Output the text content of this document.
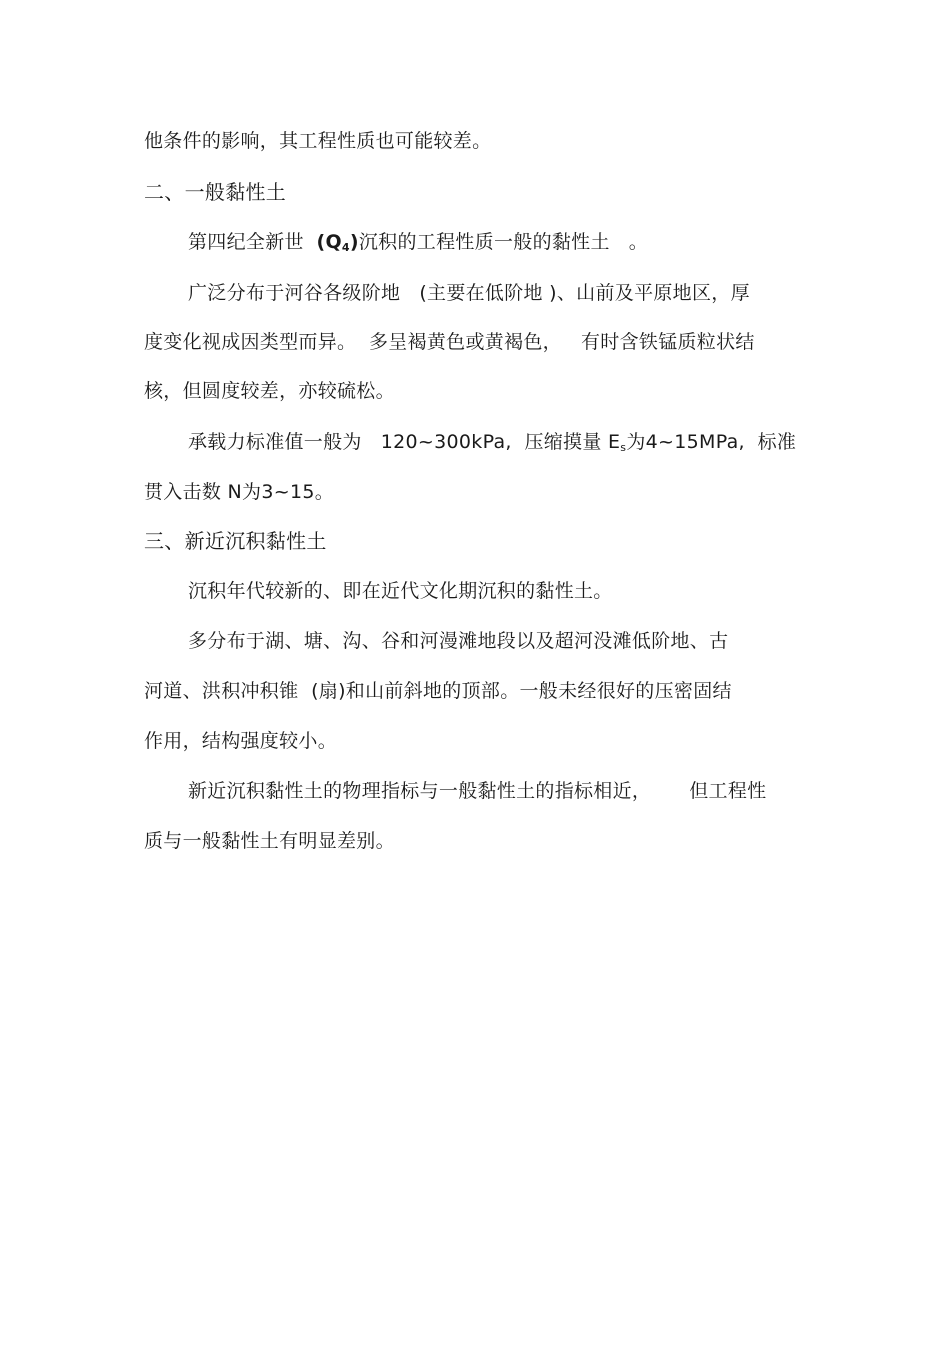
他条件的影响，其工程性质也可能较差。
二、一般黏性土
第四纪全新世  $(Q_4)$沉积的工程性质一般的黏性土   。
广泛分布于河谷各级阶地   (主要在低阶地 )、山前及平原地区，厚
度变化视成因类型而异。  多呈褐黄色或黄褐色，   有时含铁锰质粒状结
核，但圆度较差，亦较硫松。
承载力标准值一般为   120~300kPa,  压缩摸量 $E_s$为4~15MPa,  标准
贯入击数 N为3~15。
三、新近沉积黏性土
沉积年代较新的、即在近代文化期沉积的黏性土。
多分布于湖、塘、沟、谷和河漫滩地段以及超河没滩低阶地、古
河道、洪积冲积锥  (扇)和山前斜地的顶部。一般未经很好的压密固结
作用，结构强度较小。
新近沉积黏性土的物理指标与一般黏性土的指标相近，      但工程性
质与一般黏性土有明显差别。
